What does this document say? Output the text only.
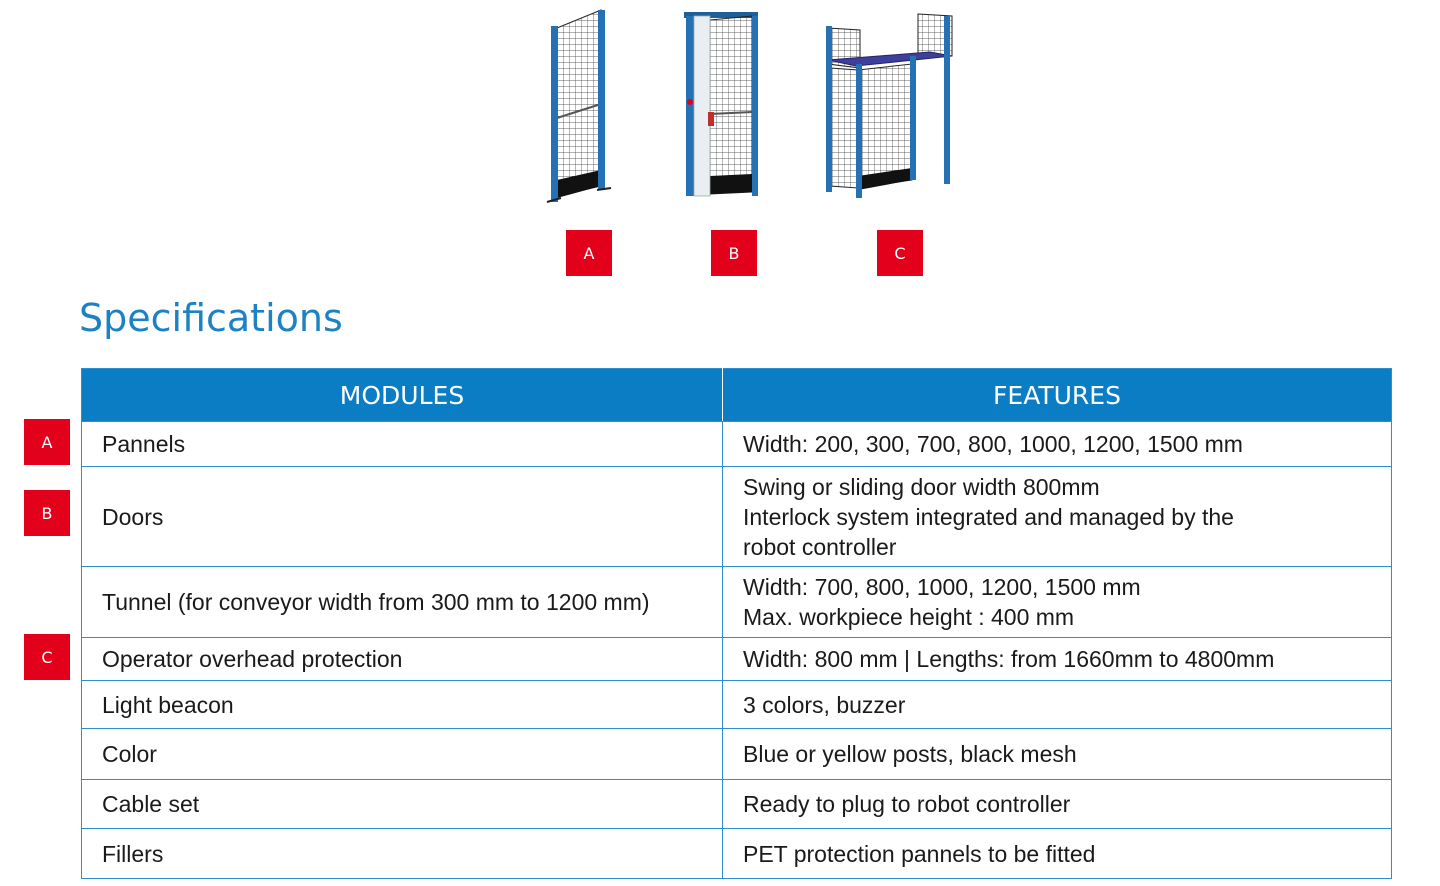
A	B	C
Specifications
A
B
C
MODULES	FEATURES
Pannels	Width: 200, 300, 700, 800, 1000, 1200, 1500 mm
Doors	Swing or sliding door width 800mm
Interlock system integrated and managed by the
robot controller
Tunnel (for conveyor width from 300 mm to 1200 mm)	Width: 700, 800, 1000, 1200, 1500 mm
Max. workpiece height : 400 mm
Operator overhead protection	Width: 800 mm | Lengths: from 1660mm to 4800mm
Light beacon	3 colors, buzzer
Color	Blue or yellow posts, black mesh
Cable set	Ready to plug to robot controller
Fillers	PET protection pannels to be fitted
